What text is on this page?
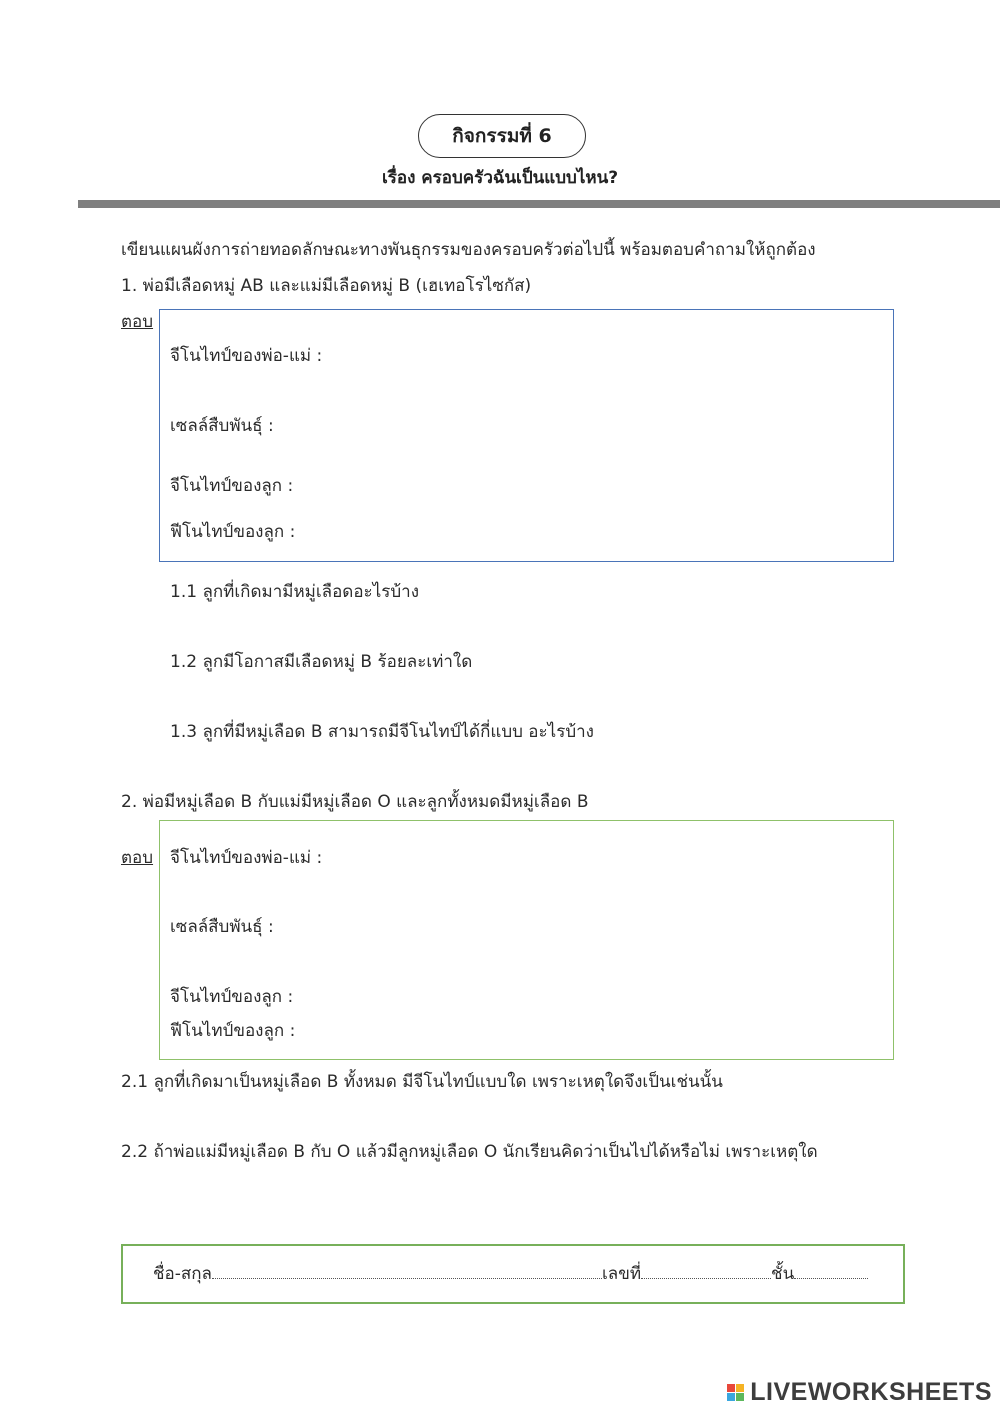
กิจกรรมที่ 6
เรื่อง ครอบครัวฉันเป็นแบบไหน?
เขียนแผนผังการถ่ายทอดลักษณะทางพันธุกรรมของครอบครัวต่อไปนี้ พร้อมตอบคำถามให้ถูกต้อง
1. พ่อมีเลือดหมู่ AB และแม่มีเลือดหมู่ B (เฮเทอโรไซกัส)
ตอบ
จีโนไทป์ของพ่อ-แม่ :
เซลล์สืบพันธุ์ :
จีโนไทป์ของลูก :
ฟีโนไทป์ของลูก :
1.1 ลูกที่เกิดมามีหมู่เลือดอะไรบ้าง
1.2 ลูกมีโอกาสมีเลือดหมู่ B ร้อยละเท่าใด
1.3 ลูกที่มีหมู่เลือด B สามารถมีจีโนไทป์ได้กี่แบบ อะไรบ้าง
2. พ่อมีหมู่เลือด B กับแม่มีหมู่เลือด O และลูกทั้งหมดมีหมู่เลือด B
ตอบ จีโนไทป์ของพ่อ-แม่ :
เซลล์สืบพันธุ์ :
จีโนไทป์ของลูก :
ฟีโนไทป์ของลูก :
2.1 ลูกที่เกิดมาเป็นหมู่เลือด B ทั้งหมด มีจีโนไทป์แบบใด เพราะเหตุใดจึงเป็นเช่นนั้น
2.2 ถ้าพ่อแม่มีหมู่เลือด B กับ O แล้วมีลูกหมู่เลือด O นักเรียนคิดว่าเป็นไปได้หรือไม่ เพราะเหตุใด
ชื่อ-สกุล	เลขที่	ชั้น
LIVEWORKSHEETS
